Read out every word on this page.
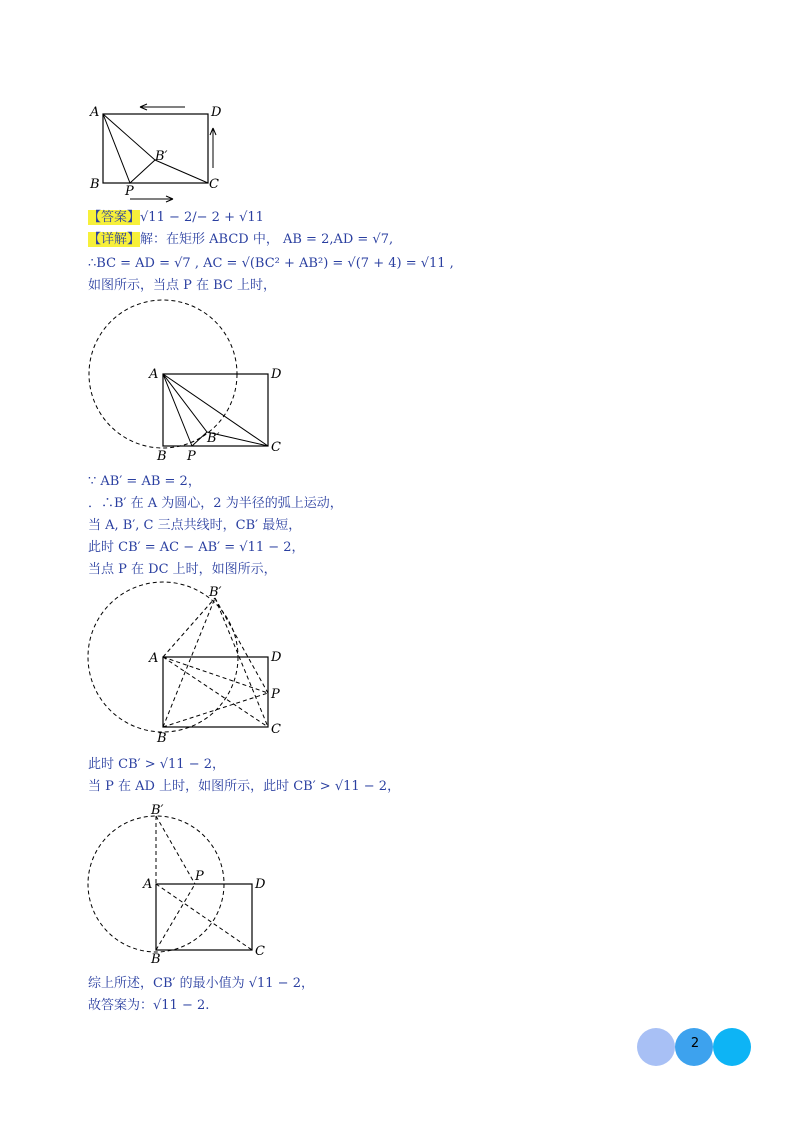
A	D
B	C
P
B′
【答案】√11 − 2/− 2 + √11
【详解】解：在矩形 ABCD 中， AB = 2,AD = √7,
∴BC = AD = √7 , AC = √(BC² + AB²) = √(7 + 4) = √11 ,
如图所示，当点 P 在 BC 上时，
A	D
B
C
P
B′
∵ AB′ = AB = 2，
．∴B′ 在 A 为圆心，2 为半径的弧上运动，
当 A, B′, C 三点共线时，CB′ 最短，
此时 CB′ = AC − AB′ = √11 − 2，
当点 P 在 DC 上时，如图所示，
A	D
B
C
P
B′
此时 CB′ > √11 − 2，
当 P 在 AD 上时，如图所示，此时 CB′ > √11 − 2，
A	D
B
C
P
B′
综上所述，CB′ 的最小值为 √11 − 2，
故答案为：√11 − 2.
2
